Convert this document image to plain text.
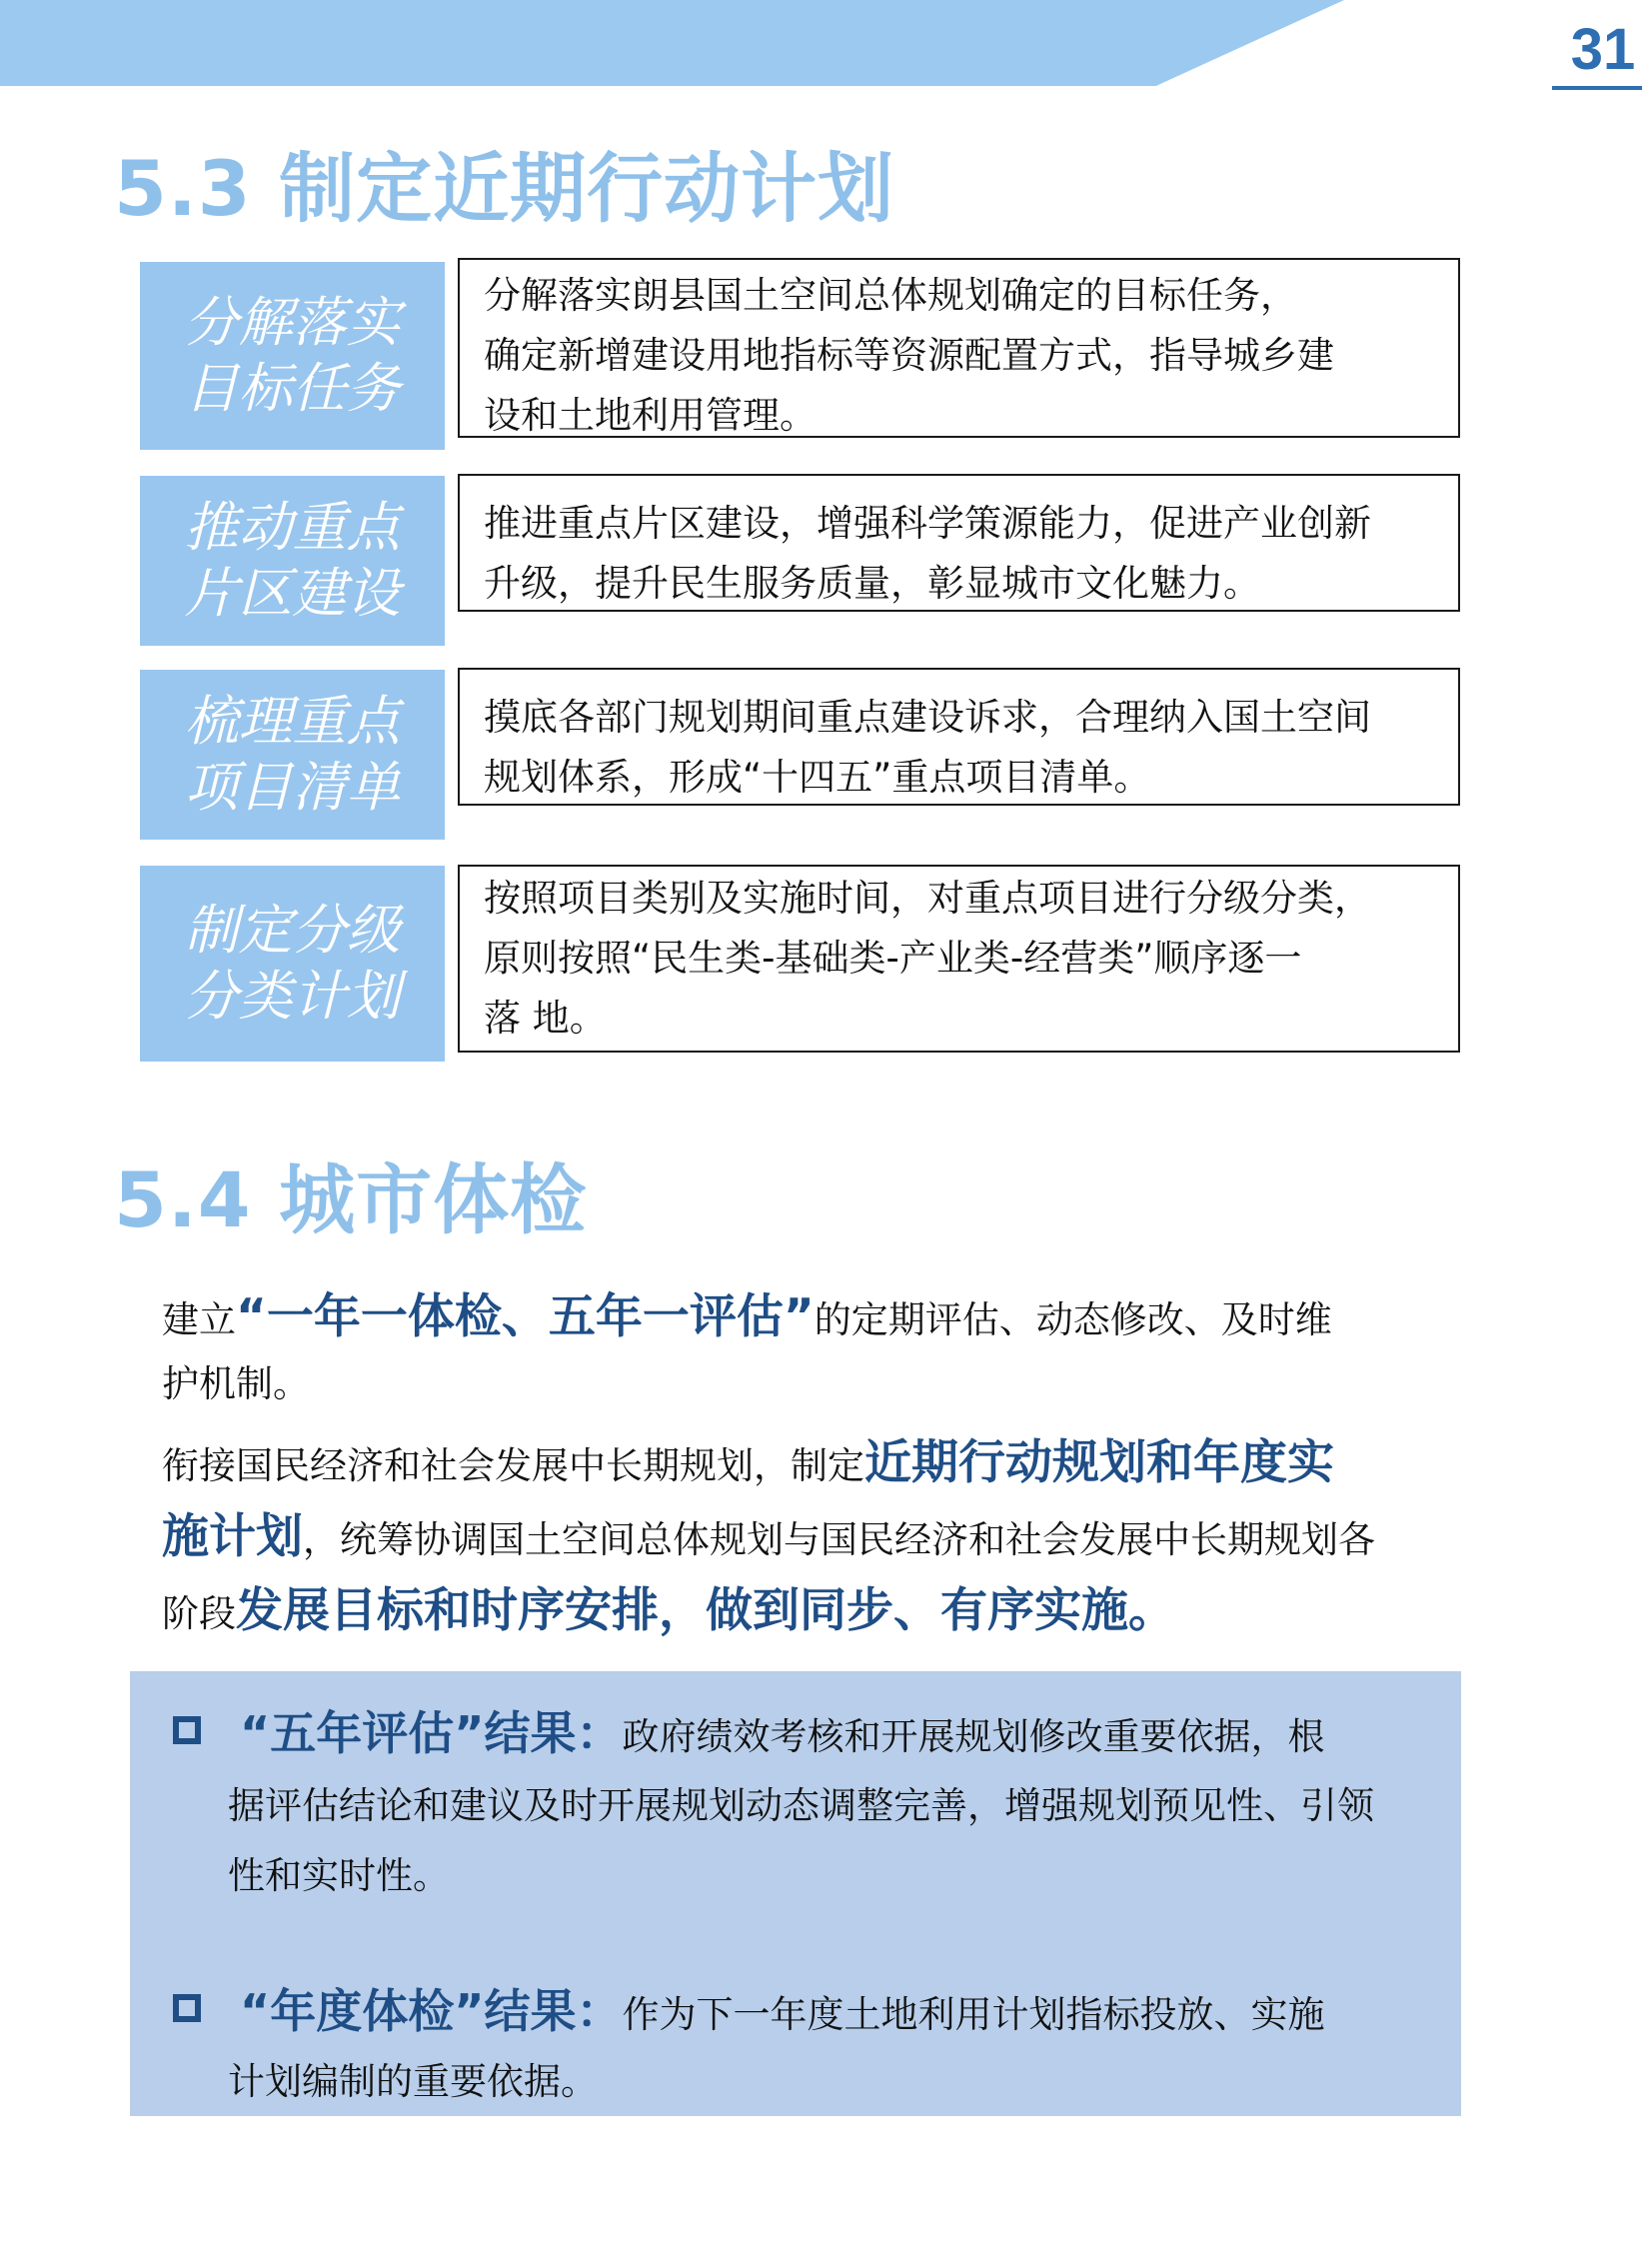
31
5.3 制定近期行动计划
分解落实
目标任务
分解落实朗县国土空间总体规划确定的目标任务，
确定新增建设用地指标等资源配置方式，指导城乡建
设和土地利用管理。
推动重点
片区建设
推进重点片区建设，增强科学策源能力，促进产业创新
升级，提升民生服务质量，彰显城市文化魅力。
梳理重点
项目清单
摸底各部门规划期间重点建设诉求，合理纳入国土空间
规划体系，形成“十四五”重点项目清单。
制定分级
分类计划
按照项目类别及实施时间，对重点项目进行分级分类，
原则按照“民生类-基础类-产业类-经营类”顺序逐一
落 地。
5.4 城市体检
建立“一年一体检、五年一评估”的定期评估、动态修改、及时维
护机制。
衔接国民经济和社会发展中长期规划，制定近期行动规划和年度实
施计划，统筹协调国土空间总体规划与国民经济和社会发展中长期规划各
阶段发展目标和时序安排，做到同步、有序实施。
“五年评估”结果：政府绩效考核和开展规划修改重要依据，根
据评估结论和建议及时开展规划动态调整完善，增强规划预见性、引领
性和实时性。
“年度体检”结果：作为下一年度土地利用计划指标投放、实施
计划编制的重要依据。
